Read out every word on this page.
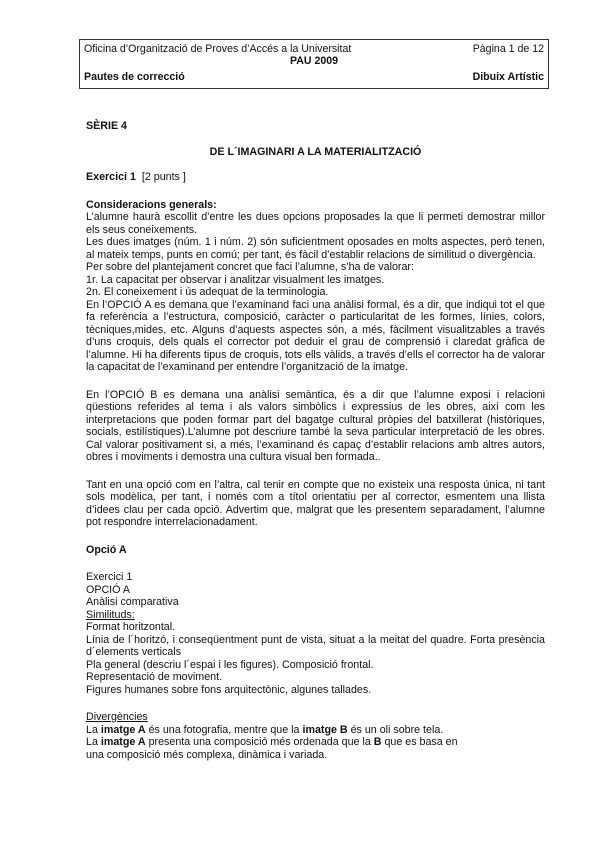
Oficina d’Organització de Proves d’Accés a la Universitat	Pàgina 1 de 12
PAU 2009
Pautes de correcció	Dibuix Artístic

SÈRIE 4

DE L´IMAGINARI A LA MATERIALITZACIÓ

Exercici 1 [2 punts ]

Consideracions generals:

L’alumne haurà escollit d’entre les dues opcions proposades la que li permeti demostrar millor els seus coneixements.

Les dues imatges (núm. 1 i núm. 2) són suficientment oposades en molts aspectes, però tenen, al mateix temps, punts en comú; per tant, és fàcil d’establir relacions de similitud o divergència.

Per sobre del plantejament concret que faci l’alumne, s’ha de valorar:

1r. La capacitat per observar i analitzar visualment les imatges.

2n. El coneixement i ús adequat de la terminologia.

En l’OPCIÓ A es demana que l’examinand faci una anàlisi formal, és a dir, que indiqui tot el que fa referència a l’estructura, composició, caràcter o particularitat de les formes, línies, colors, tècniques,mides, etc. Alguns d’aquests aspectes són, a més, fàcilment visualitzables a través d’uns croquis, dels quals el corrector pot deduir el grau de comprensió i claredat gràfica de l’alumne. Hi ha diferents tipus de croquis, tots ells vàlids, a través d’ells el corrector ha de valorar la capacitat de l’examinand per entendre l’organització de la imatge.

En l’OPCIÓ B es demana una anàlisi semàntica, és a dir que l’alumne exposi i relacioni qüestions referides al tema i als valors simbòlics i expressius de les obres, així com les interpretacions que poden formar part del bagatge cultural pròpies del batxillerat (històriques, socials, estilístiques).L’alumne pot descriure també la seva particular interpretació de les obres. Cal valorar positivament si, a més, l’examinand és capaç d’establir relacions amb altres autors, obres i moviments i demostra una cultura visual ben formada..

Tant en una opció com en l’altra, cal tenir en compte que no existeix una resposta única, ni tant sols modèlica, per tant, i només com a títol orientatiu per al corrector, esmentem una llista d’idees clau per cada opció. Advertim que, malgrat que les presentem separadament, l’alumne pot respondre interrelacionadament.

Opció A

Exercici 1

OPCIÓ A

Anàlisi comparativa

Similituds:

Format horitzontal.

Línia de l´horitzó, i conseqüentment punt de vista, situat a la meitat del quadre. Forta presència d´elements verticals

Pla general (descriu l´espai i les figures). Composició frontal.

Representació de moviment.

Figures humanes sobre fons arquitectònic, algunes tallades.

Divergències

La imatge A és una fotografia, mentre que la imatge B és un oli sobre tela.

La imatge A presenta una composició més ordenada que la B que es basa en

una composició més complexa, dinàmica i variada.
